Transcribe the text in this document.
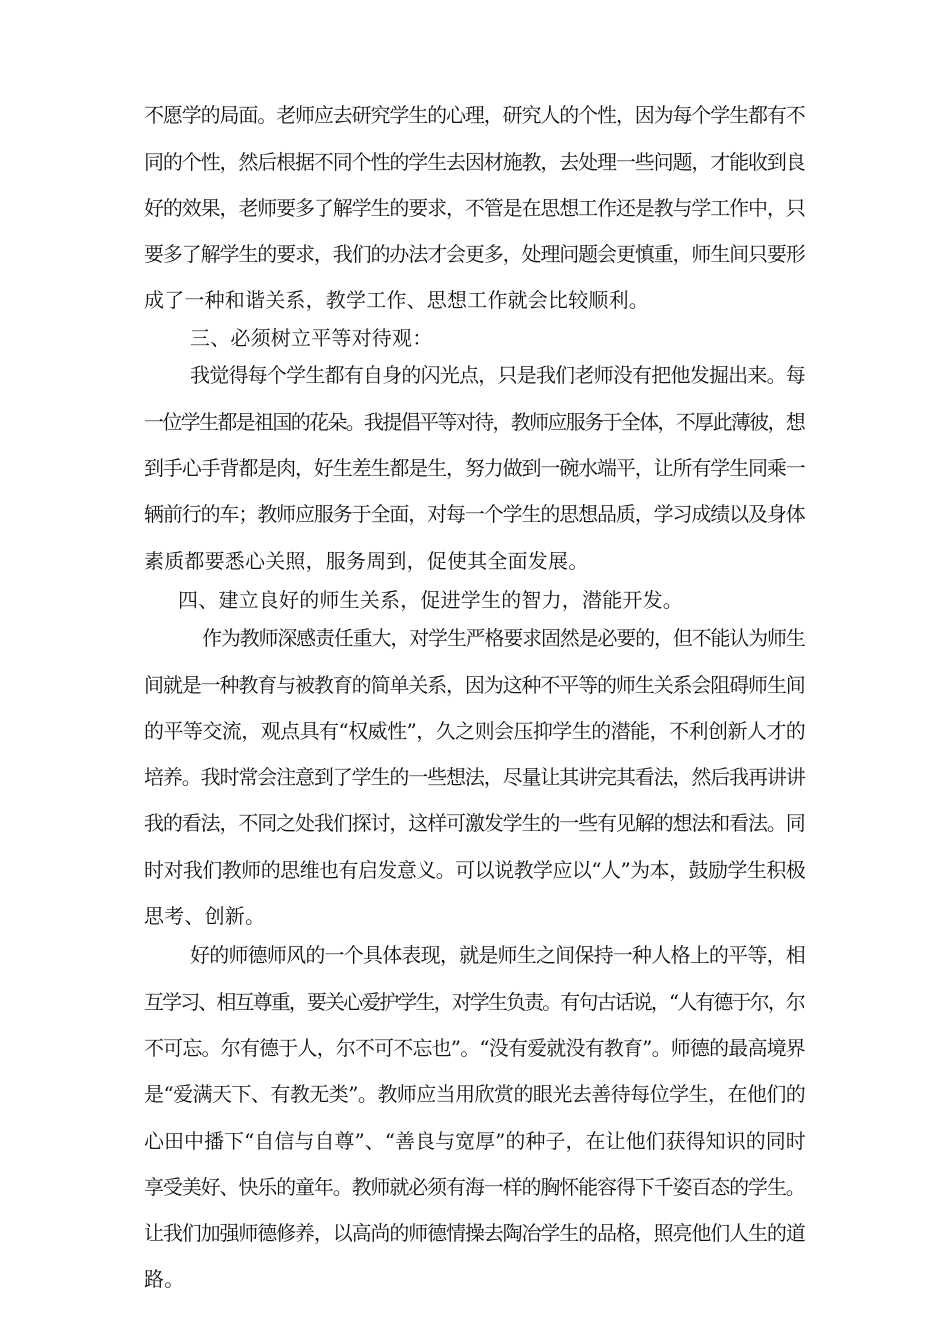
不愿学的局面。老师应去研究学生的心理，研究人的个性，因为每个学生都有不
同的个性，然后根据不同个性的学生去因材施教，去处理一些问题，才能收到良
好的效果，老师要多了解学生的要求，不管是在思想工作还是教与学工作中，只
要多了解学生的要求，我们的办法才会更多，处理问题会更慎重，师生间只要形
成了一种和谐关系，教学工作、思想工作就会比较顺利。
三、必须树立平等对待观：
我觉得每个学生都有自身的闪光点，只是我们老师没有把他发掘出来。每
一位学生都是祖国的花朵。我提倡平等对待，教师应服务于全体，不厚此薄彼，想
到手心手背都是肉，好生差生都是生，努力做到一碗水端平，让所有学生同乘一
辆前行的车；教师应服务于全面，对每一个学生的思想品质，学习成绩以及身体
素质都要悉心关照，服务周到，促使其全面发展。
四、建立良好的师生关系，促进学生的智力，潜能开发。
作为教师深感责任重大，对学生严格要求固然是必要的，但不能认为师生
间就是一种教育与被教育的简单关系，因为这种不平等的师生关系会阻碍师生间
的平等交流，观点具有“权威性”，久之则会压抑学生的潜能，不利创新人才的
培养。我时常会注意到了学生的一些想法，尽量让其讲完其看法，然后我再讲讲
我的看法，不同之处我们探讨，这样可激发学生的一些有见解的想法和看法。同
时对我们教师的思维也有启发意义。可以说教学应以“人”为本，鼓励学生积极
思考、创新。
好的师德师风的一个具体表现，就是师生之间保持一种人格上的平等，相
互学习、相互尊重，要关心爱护学生，对学生负责。有句古话说，“人有德于尔，尔
不可忘。尔有德于人，尔不可不忘也”。“没有爱就没有教育”。师德的最高境界
是“爱满天下、有教无类”。教师应当用欣赏的眼光去善待每位学生，在他们的
心田中播下“自信与自尊”、“善良与宽厚”的种子，在让他们获得知识的同时
享受美好、快乐的童年。教师就必须有海一样的胸怀能容得下千姿百态的学生。
让我们加强师德修养，以高尚的师德情操去陶冶学生的品格，照亮他们人生的道
路。
